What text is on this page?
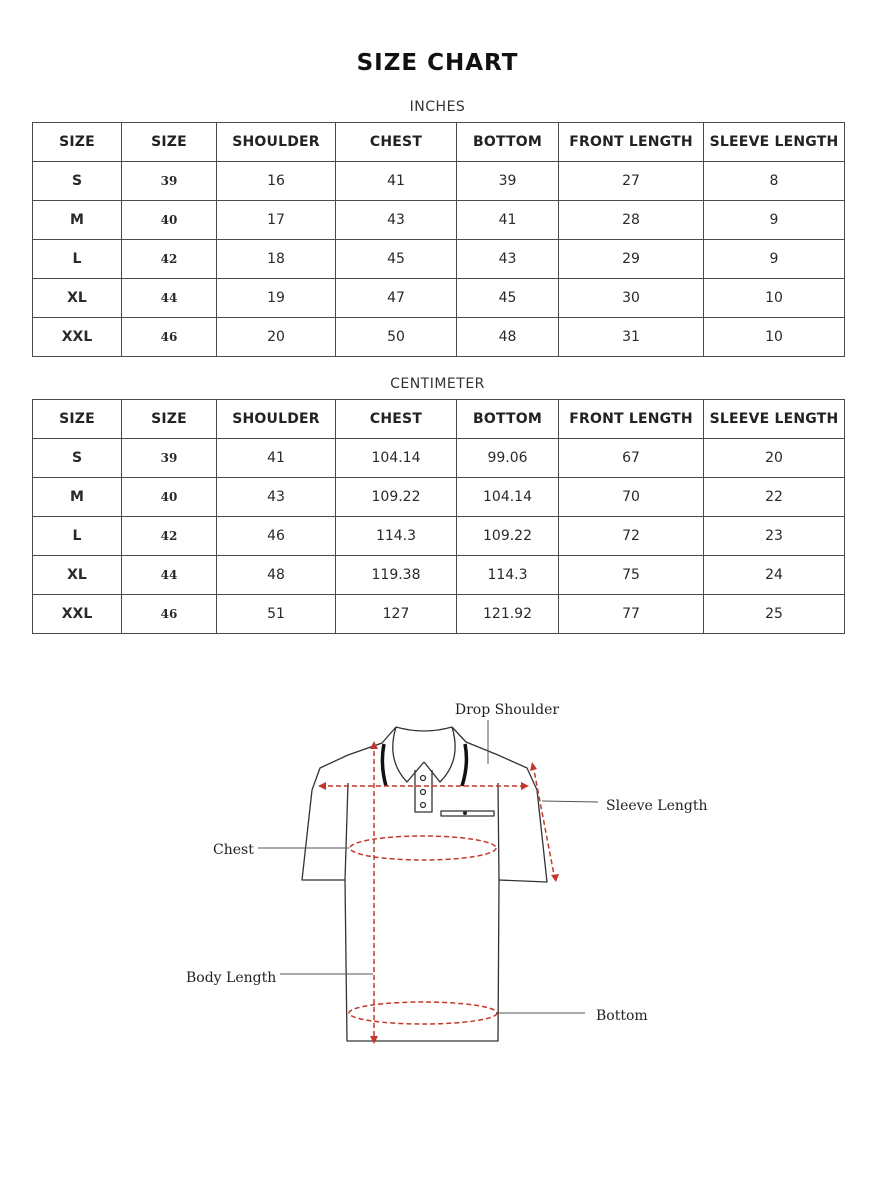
SIZE CHART
INCHES
SIZE	SIZE	SHOULDER	CHEST	BOTTOM	FRONT LENGTH	SLEEVE LENGTH
S	39	16	41	39	27	8
M	40	17	43	41	28	9
L	42	18	45	43	29	9
XL	44	19	47	45	30	10
XXL	46	20	50	48	31	10
CENTIMETER
SIZE	SIZE	SHOULDER	CHEST	BOTTOM	FRONT LENGTH	SLEEVE LENGTH
S	39	41	104.14	99.06	67	20
M	40	43	109.22	104.14	70	22
L	42	46	114.3	109.22	72	23
XL	44	48	119.38	114.3	75	24
XXL	46	51	127	121.92	77	25
Drop Shoulder
Sleeve Length
Chest
Body Length
Bottom
